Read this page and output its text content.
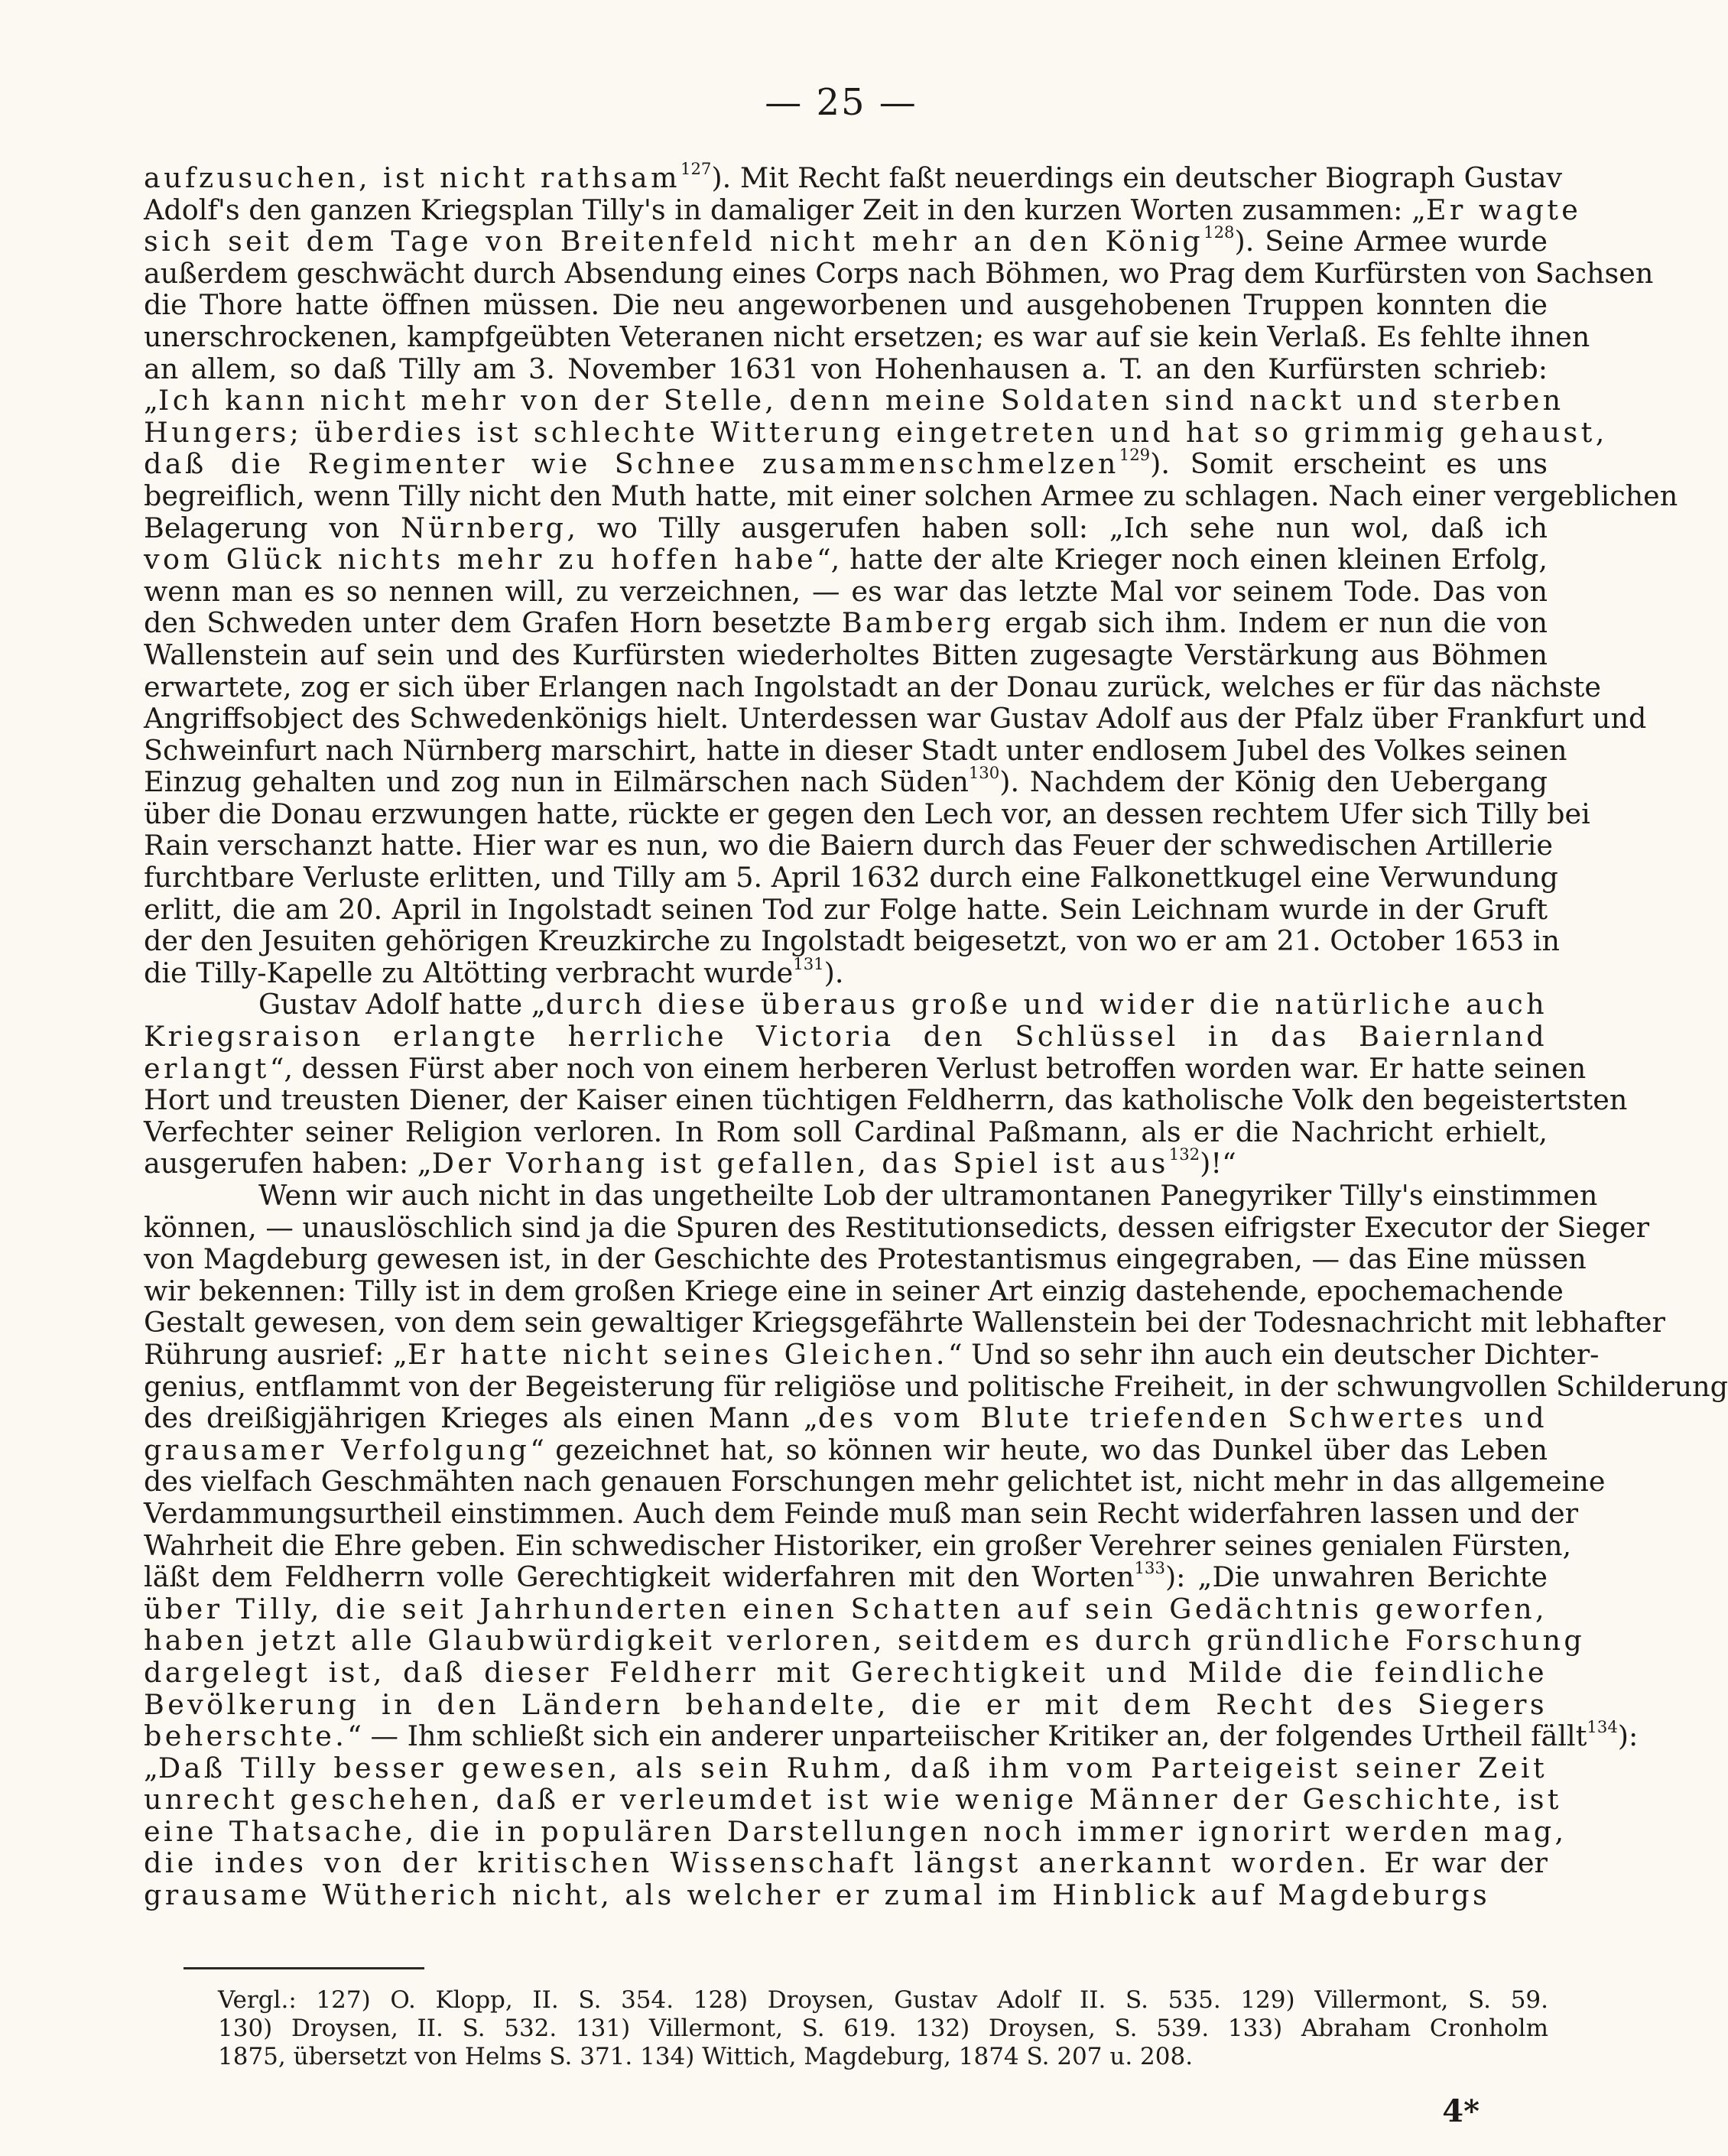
— 25 —
aufzusuchen, ist nicht rathsam$^{127}$). Mit Recht faßt neuerdings ein deutscher Biograph Gustav
Adolf's den ganzen Kriegsplan Tilly's in damaliger Zeit in den kurzen Worten zusammen: „Er wagte
sich seit dem Tage von Breitenfeld nicht mehr an den König$^{128}$). Seine Armee wurde
außerdem geschwächt durch Absendung eines Corps nach Böhmen, wo Prag dem Kurfürsten von Sachsen
die Thore hatte öffnen müssen. Die neu angeworbenen und ausgehobenen Truppen konnten die
unerschrockenen, kampfgeübten Veteranen nicht ersetzen; es war auf sie kein Verlaß. Es fehlte ihnen
an allem, so daß Tilly am 3. November 1631 von Hohenhausen a. T. an den Kurfürsten schrieb:
„Ich kann nicht mehr von der Stelle, denn meine Soldaten sind nackt und sterben
Hungers; überdies ist schlechte Witterung eingetreten und hat so grimmig gehaust,
daß die Regimenter wie Schnee zusammenschmelzen$^{129}$). Somit erscheint es uns
begreiflich, wenn Tilly nicht den Muth hatte, mit einer solchen Armee zu schlagen. Nach einer vergeblichen
Belagerung von Nürnberg, wo Tilly ausgerufen haben soll: „Ich sehe nun wol, daß ich
vom Glück nichts mehr zu hoffen habe“, hatte der alte Krieger noch einen kleinen Erfolg,
wenn man es so nennen will, zu verzeichnen, — es war das letzte Mal vor seinem Tode. Das von
den Schweden unter dem Grafen Horn besetzte Bamberg ergab sich ihm. Indem er nun die von
Wallenstein auf sein und des Kurfürsten wiederholtes Bitten zugesagte Verstärkung aus Böhmen
erwartete, zog er sich über Erlangen nach Ingolstadt an der Donau zurück, welches er für das nächste
Angriffsobject des Schwedenkönigs hielt. Unterdessen war Gustav Adolf aus der Pfalz über Frankfurt und
Schweinfurt nach Nürnberg marschirt, hatte in dieser Stadt unter endlosem Jubel des Volkes seinen
Einzug gehalten und zog nun in Eilmärschen nach Süden$^{130}$). Nachdem der König den Uebergang
über die Donau erzwungen hatte, rückte er gegen den Lech vor, an dessen rechtem Ufer sich Tilly bei
Rain verschanzt hatte. Hier war es nun, wo die Baiern durch das Feuer der schwedischen Artillerie
furchtbare Verluste erlitten, und Tilly am 5. April 1632 durch eine Falkonettkugel eine Verwundung
erlitt, die am 20. April in Ingolstadt seinen Tod zur Folge hatte. Sein Leichnam wurde in der Gruft
der den Jesuiten gehörigen Kreuzkirche zu Ingolstadt beigesetzt, von wo er am 21. October 1653 in
die Tilly-Kapelle zu Altötting verbracht wurde$^{131}$).
Gustav Adolf hatte „durch diese überaus große und wider die natürliche auch
Kriegsraison erlangte herrliche Victoria den Schlüssel in das Baiernland
erlangt“, dessen Fürst aber noch von einem herberen Verlust betroffen worden war. Er hatte seinen
Hort und treusten Diener, der Kaiser einen tüchtigen Feldherrn, das katholische Volk den begeistertsten
Verfechter seiner Religion verloren. In Rom soll Cardinal Paßmann, als er die Nachricht erhielt,
ausgerufen haben: „Der Vorhang ist gefallen, das Spiel ist aus$^{132}$)!“
Wenn wir auch nicht in das ungetheilte Lob der ultramontanen Panegyriker Tilly's einstimmen
können, — unauslöschlich sind ja die Spuren des Restitutionsedicts, dessen eifrigster Executor der Sieger
von Magdeburg gewesen ist, in der Geschichte des Protestantismus eingegraben, — das Eine müssen
wir bekennen: Tilly ist in dem großen Kriege eine in seiner Art einzig dastehende, epochemachende
Gestalt gewesen, von dem sein gewaltiger Kriegsgefährte Wallenstein bei der Todesnachricht mit lebhafter
Rührung ausrief: „Er hatte nicht seines Gleichen.“ Und so sehr ihn auch ein deutscher Dichter-
genius, entflammt von der Begeisterung für religiöse und politische Freiheit, in der schwungvollen Schilderung
des dreißigjährigen Krieges als einen Mann „des vom Blute triefenden Schwertes und
grausamer Verfolgung“ gezeichnet hat, so können wir heute, wo das Dunkel über das Leben
des vielfach Geschmähten nach genauen Forschungen mehr gelichtet ist, nicht mehr in das allgemeine
Verdammungsurtheil einstimmen. Auch dem Feinde muß man sein Recht widerfahren lassen und der
Wahrheit die Ehre geben. Ein schwedischer Historiker, ein großer Verehrer seines genialen Fürsten,
läßt dem Feldherrn volle Gerechtigkeit widerfahren mit den Worten$^{133}$): „Die unwahren Berichte
über Tilly, die seit Jahrhunderten einen Schatten auf sein Gedächtnis geworfen,
haben jetzt alle Glaubwürdigkeit verloren, seitdem es durch gründliche Forschung
dargelegt ist, daß dieser Feldherr mit Gerechtigkeit und Milde die feindliche
Bevölkerung in den Ländern behandelte, die er mit dem Recht des Siegers
beherschte.“ — Ihm schließt sich ein anderer unparteiischer Kritiker an, der folgendes Urtheil fällt$^{134}$):
„Daß Tilly besser gewesen, als sein Ruhm, daß ihm vom Parteigeist seiner Zeit
unrecht geschehen, daß er verleumdet ist wie wenige Männer der Geschichte, ist
eine Thatsache, die in populären Darstellungen noch immer ignorirt werden mag,
die indes von der kritischen Wissenschaft längst anerkannt worden. Er war der
grausame Wütherich nicht, als welcher er zumal im Hinblick auf Magdeburgs
Vergl.: 127) O. Klopp, II. S. 354. 128) Droysen, Gustav Adolf II. S. 535. 129) Villermont, S. 59.
130) Droysen, II. S. 532. 131) Villermont, S. 619. 132) Droysen, S. 539. 133) Abraham Cronholm
1875, übersetzt von Helms S. 371. 134) Wittich, Magdeburg, 1874 S. 207 u. 208.
4*
